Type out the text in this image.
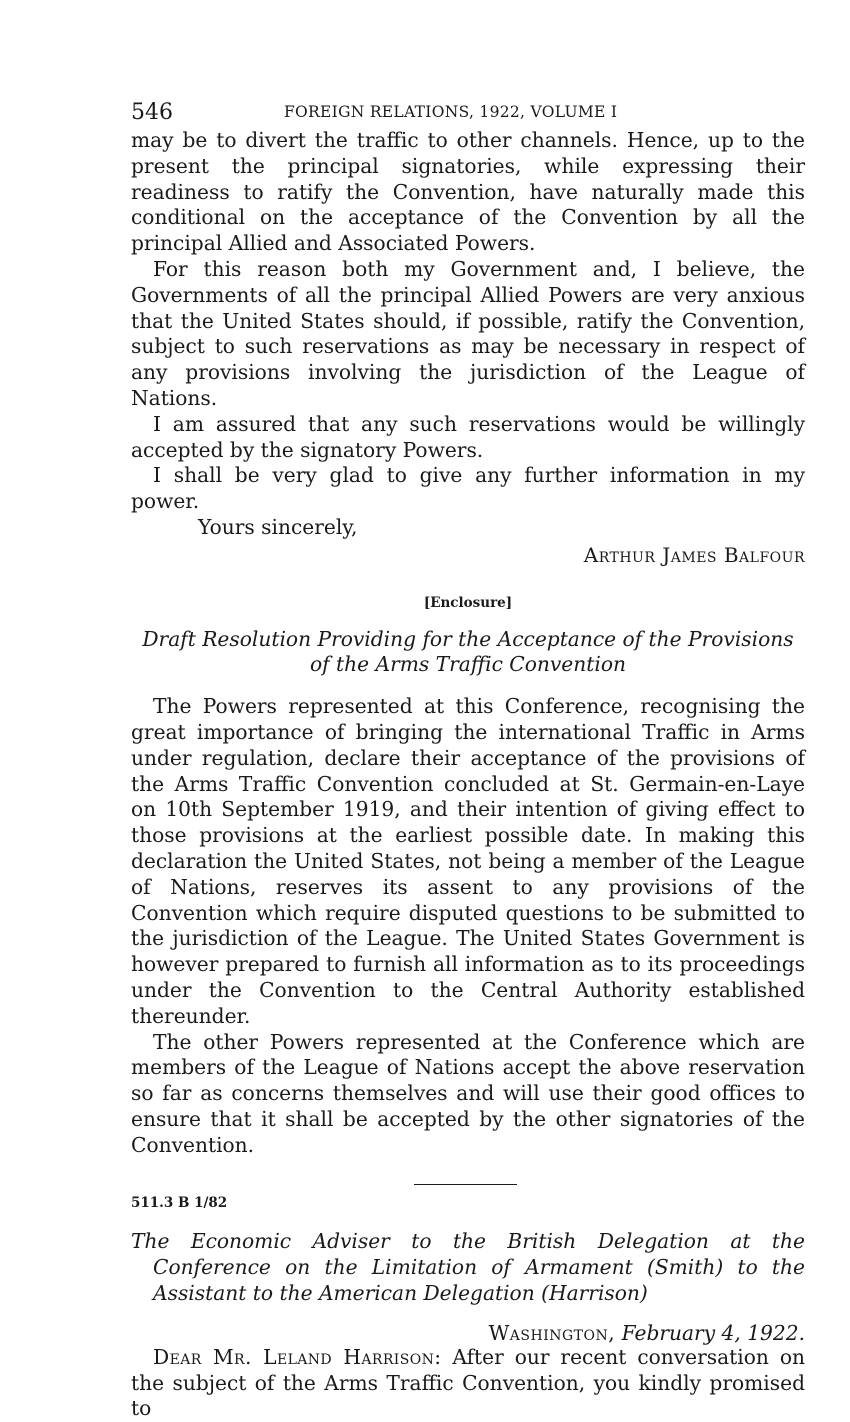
546	FOREIGN RELATIONS, 1922, VOLUME I

may be to divert the traffic to other channels. Hence, up to the present the principal signatories, while expressing their readiness to ratify the Convention, have naturally made this conditional on the acceptance of the Convention by all the principal Allied and Associated Powers.

For this reason both my Government and, I believe, the Governments of all the principal Allied Powers are very anxious that the United States should, if possible, ratify the Convention, subject to such reservations as may be necessary in respect of any provisions involving the jurisdiction of the League of Nations.

I am assured that any such reservations would be willingly accepted by the signatory Powers.

I shall be very glad to give any further information in my power.

Yours sincerely,

Arthur James Balfour

[Enclosure]

Draft Resolution Providing for the Acceptance of the Provisions of the Arms Traffic Convention

The Powers represented at this Conference, recognising the great importance of bringing the international Traffic in Arms under regulation, declare their acceptance of the provisions of the Arms Traffic Convention concluded at St. Germain-en-Laye on 10th September 1919, and their intention of giving effect to those provisions at the earliest possible date. In making this declaration the United States, not being a member of the League of Nations, reserves its assent to any provisions of the Convention which require disputed questions to be submitted to the jurisdiction of the League. The United States Government is however prepared to furnish all information as to its proceedings under the Convention to the Central Authority established thereunder.

The other Powers represented at the Conference which are members of the League of Nations accept the above reservation so far as concerns themselves and will use their good offices to ensure that it shall be accepted by the other signatories of the Convention.

511.3 B 1/82

The Economic Adviser to the British Delegation at the Conference on the Limitation of Armament (Smith) to the Assistant to the American Delegation (Harrison)

Washington, February 4, 1922.

Dear Mr. Leland Harrison: After our recent conversation on the subject of the Arms Traffic Convention, you kindly promised to
